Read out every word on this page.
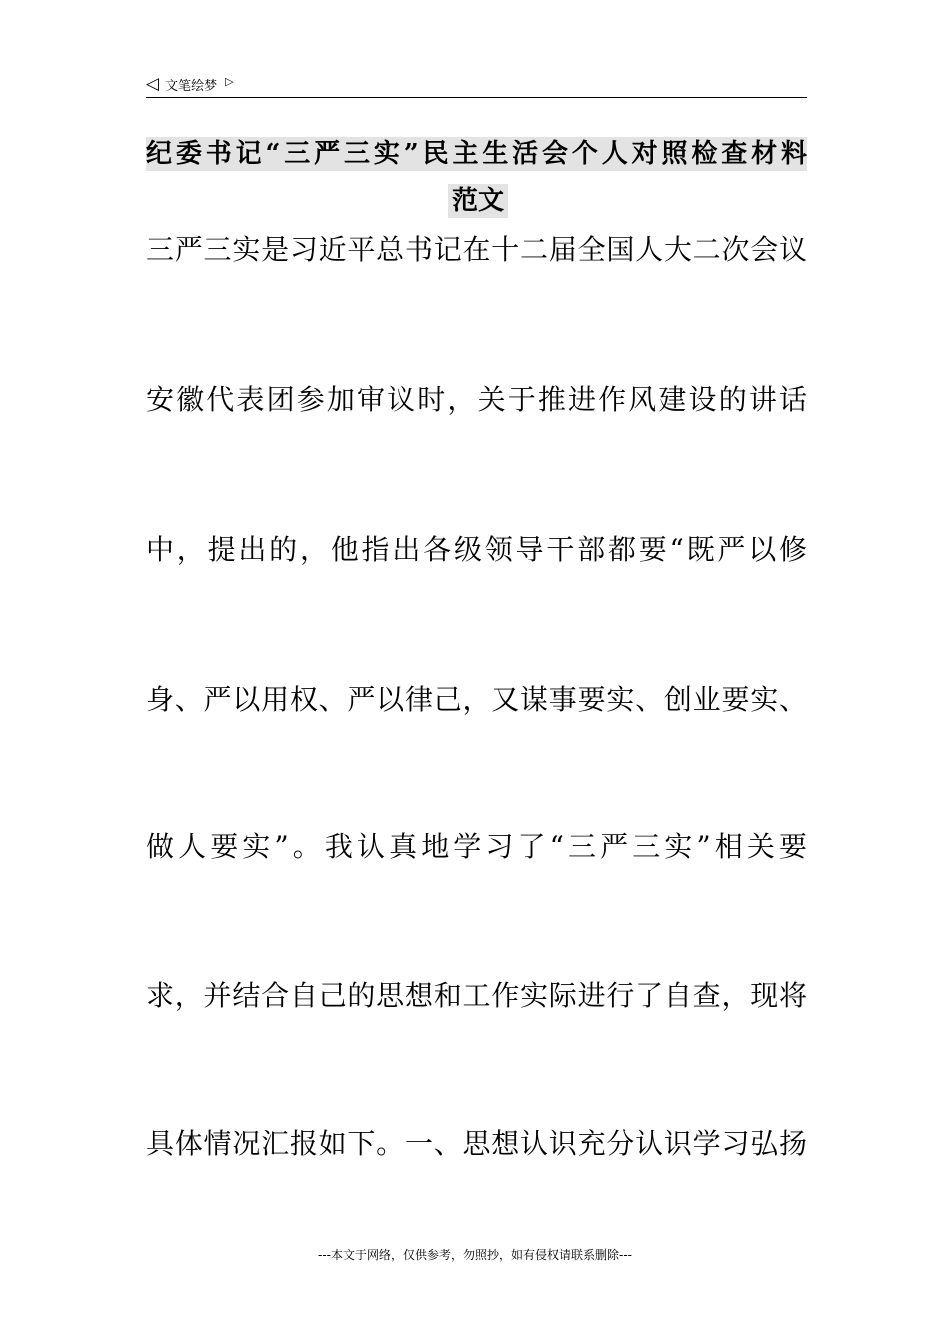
◁ 文笔绘梦 ▷
纪委书记“三严三实”民主生活会个人对照检查材料
范文
三严三实是习近平总书记在十二届全国人大二次会议
安徽代表团参加审议时，关于推进作风建设的讲话
中，提出的，他指出各级领导干部都要“既严以修
身、严以用权、严以律己，又谋事要实、创业要实、
做人要实”。我认真地学习了“三严三实”相关要
求，并结合自己的思想和工作实际进行了自查，现将
具体情况汇报如下。一、思想认识充分认识学习弘扬
---本文于网络，仅供参考，勿照抄，如有侵权请联系删除---
